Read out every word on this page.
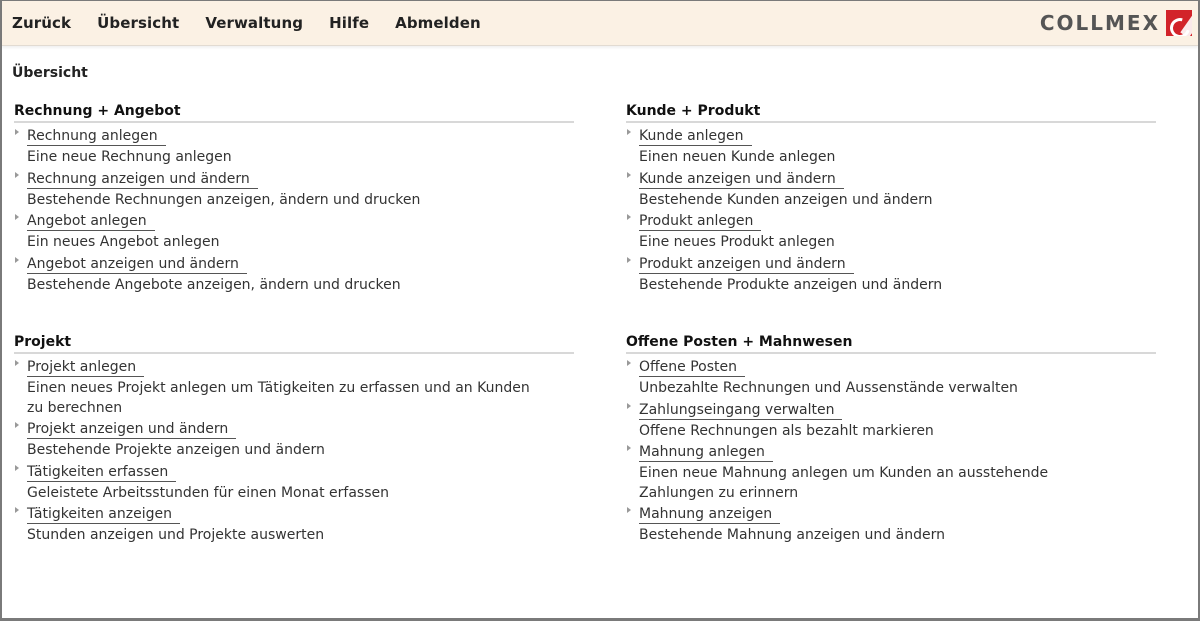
Zurück Übersicht Verwaltung Hilfe Abmelden	COLLMEX
Übersicht
Rechnung + Angebot
Rechnung anlegen
Eine neue Rechnung anlegen
Rechnung anzeigen und ändern
Bestehende Rechnungen anzeigen, ändern und drucken
Angebot anlegen
Ein neues Angebot anlegen
Angebot anzeigen und ändern
Bestehende Angebote anzeigen, ändern und drucken
Kunde + Produkt
Kunde anlegen
Einen neuen Kunde anlegen
Kunde anzeigen und ändern
Bestehende Kunden anzeigen und ändern
Produkt anlegen
Eine neues Produkt anlegen
Produkt anzeigen und ändern
Bestehende Produkte anzeigen und ändern
Projekt
Projekt anlegen
Einen neues Projekt anlegen um Tätigkeiten zu erfassen und an Kunden zu berechnen
Projekt anzeigen und ändern
Bestehende Projekte anzeigen und ändern
Tätigkeiten erfassen
Geleistete Arbeitsstunden für einen Monat erfassen
Tätigkeiten anzeigen
Stunden anzeigen und Projekte auswerten
Offene Posten + Mahnwesen
Offene Posten
Unbezahlte Rechnungen und Aussenstände verwalten
Zahlungseingang verwalten
Offene Rechnungen als bezahlt markieren
Mahnung anlegen
Einen neue Mahnung anlegen um Kunden an ausstehende Zahlungen zu erinnern
Mahnung anzeigen
Bestehende Mahnung anzeigen und ändern
